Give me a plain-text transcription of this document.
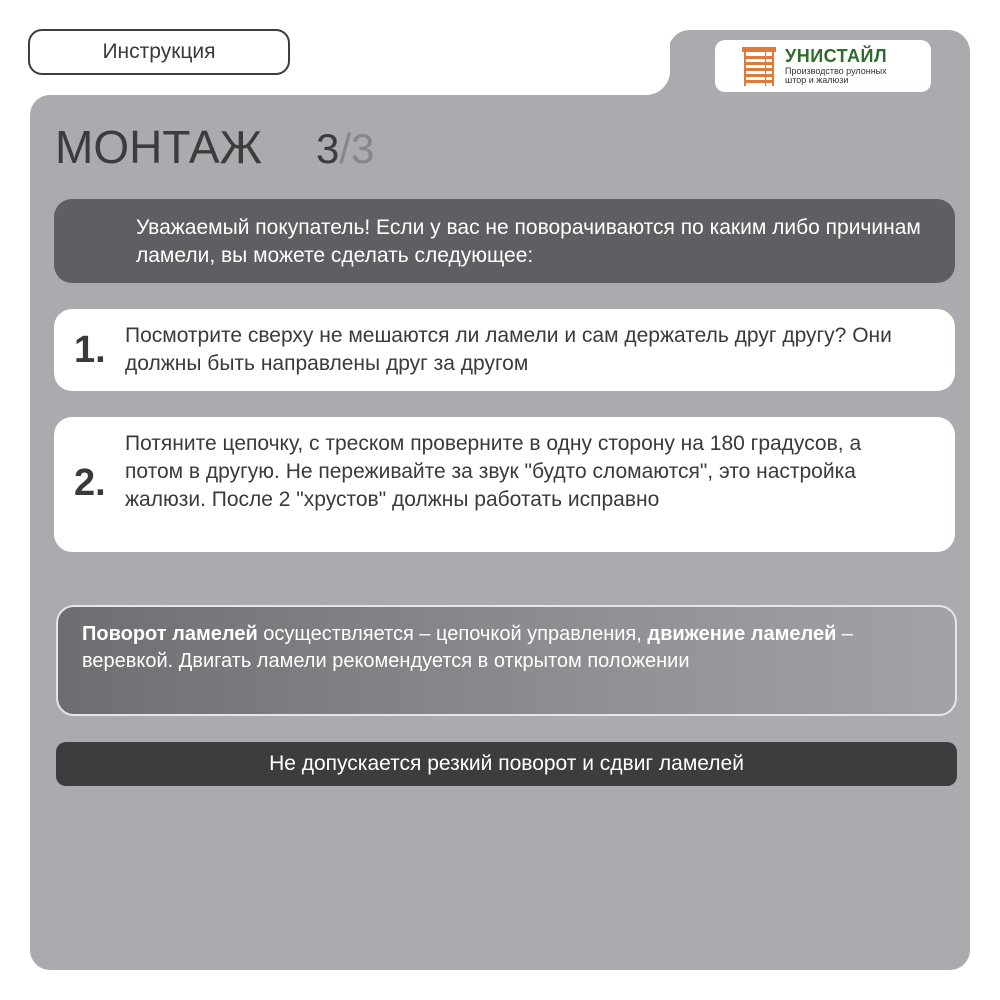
Инструкция	УНИСТАЙЛ
Производство рулонных штор и жалюзи
МОНТАЖ 3/3
Уважаемый покупатель! Если у вас не поворачиваются по каким либо причинам ламели, вы можете сделать следующее:
1. Посмотрите сверху не мешаются ли ламели и сам держатель друг другу? Они должны быть направлены друг за другом
2.
Потяните цепочку, с треском проверните в одну сторону на 180 градусов, а потом в другую. Не переживайте за звук "будто сломаются", это настройка жалюзи. После 2 "хрустов" должны работать исправно
Поворот ламелей осуществляется – цепочкой управления, движение ламелей – веревкой. Двигать ламели рекомендуется в открытом положении
Не допускается резкий поворот и сдвиг ламелей
